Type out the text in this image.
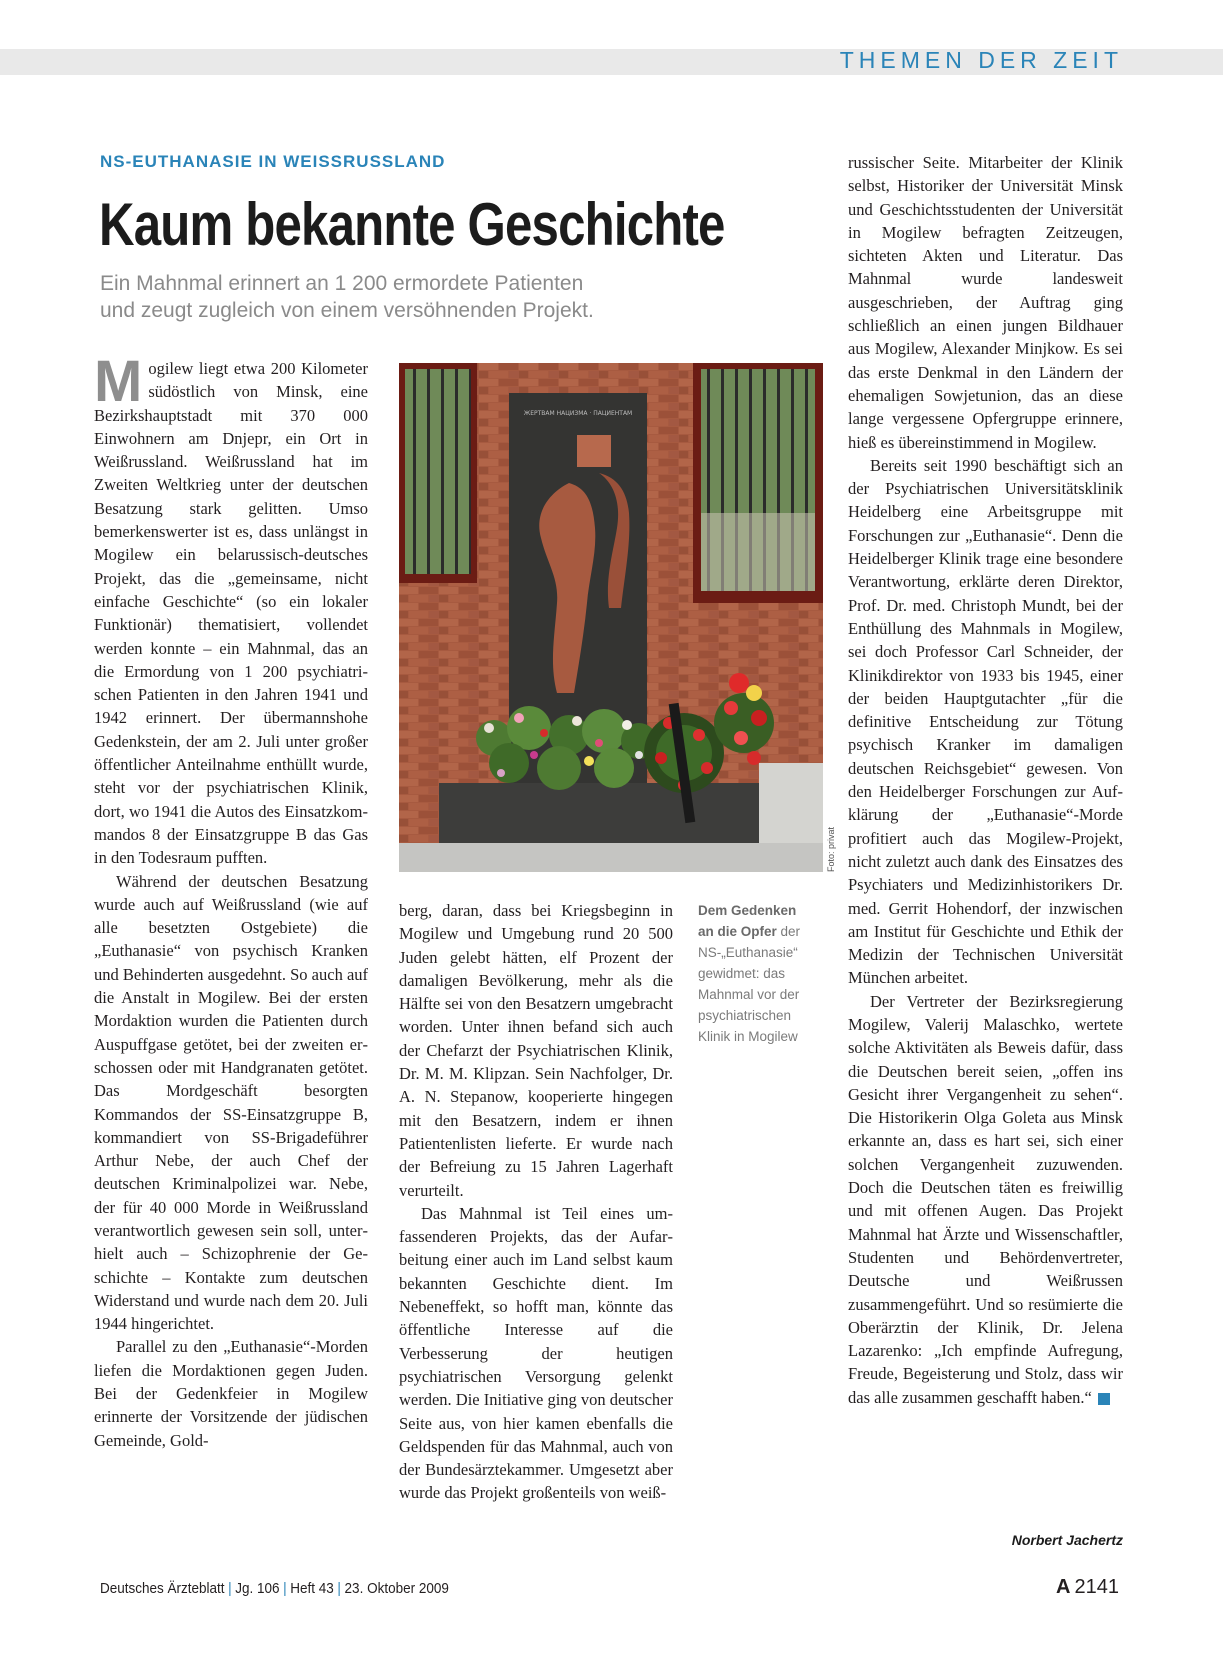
THEMEN DER ZEIT
NS-EUTHANASIE IN WEISSRUSSLAND
Kaum bekannte Geschichte
Ein Mahnmal erinnert an 1 200 ermordete Patienten
und zeugt zugleich von einem versöhnenden Projekt.

Mogilew liegt etwa 200 Kilometer südöstlich von Minsk, eine Bezirkshauptstadt mit 370 000 Einwohnern am Dnjepr, ein Ort in Weißrussland. Weißrussland hat im Zweiten Weltkrieg unter der deutschen Besatzung stark gelitten. Umso bemerkenswerter ist es, dass unlängst in Mogilew ein belarussisch-deutsches Projekt, das die „gemeinsame, nicht einfache Geschichte“ (so ein lokaler Funktionär) thematisiert, vollendet werden konnte – ein Mahnmal, das an die Ermordung von 1 200 psychiatrischen Patienten in den Jahren 1941 und 1942 erinnert. Der übermannshohe Gedenkstein, der am 2. Juli unter großer öffentlicher Anteilnahme enthüllt wurde, steht vor der psychiatrischen Klinik, dort, wo 1941 die Autos des Einsatzkommandos 8 der Einsatzgruppe B das Gas in den Todesraum pufften.

Während der deutschen Besatzung wurde auch auf Weißrussland (wie auf alle besetzten Ostgebiete) die „Euthanasie“ von psychisch Kranken und Behinderten ausgedehnt. So auch auf die Anstalt in Mogilew. Bei der ersten Mordaktion wurden die Patienten durch Auspuffgase getötet, bei der zweiten erschossen oder mit Handgranaten getötet. Das Mordgeschäft besorgten Kommandos der SS-Einsatzgruppe B, kommandiert von SS-Brigadeführer Arthur Nebe, der auch Chef der deutschen Kriminalpolizei war. Nebe, der für 40 000 Morde in Weißrussland verantwortlich gewesen sein soll, unterhielt auch – Schizophrenie der Geschichte – Kontakte zum deutschen Widerstand und wurde nach dem 20. Juli 1944 hingerichtet.

Parallel zu den „Euthanasie“-Morden liefen die Mordaktionen gegen Juden. Bei der Gedenkfeier in Mogilew erinnerte der Vorsitzende der jüdischen Gemeinde, Gold-

ЖЕРТВАМ НАЦИЗМА · ПАЦИЕНТАМ
Foto: privat
Dem Gedenken an die Opfer der NS-„Euthanasie“ gewidmet: das Mahnmal vor der psychiatrischen Klinik in Mogilew

berg, daran, dass bei Kriegsbeginn in Mogilew und Umgebung rund 20 500 Juden gelebt hätten, elf Prozent der damaligen Bevölkerung, mehr als die Hälfte sei von den Besatzern umgebracht worden. Unter ihnen befand sich auch der Chefarzt der Psychiatrischen Klinik, Dr. M. M. Klipzan. Sein Nachfolger, Dr. A. N. Stepanow, kooperierte hingegen mit den Besatzern, indem er ihnen Patientenlisten lieferte. Er wurde nach der Befreiung zu 15 Jahren Lagerhaft verurteilt.

Das Mahnmal ist Teil eines umfassenderen Projekts, das der Aufarbeitung einer auch im Land selbst kaum bekannten Geschichte dient. Im Nebeneffekt, so hofft man, könnte das öffentliche Interesse auf die Verbesserung der heutigen psychiatrischen Versorgung gelenkt werden. Die Initiative ging von deutscher Seite aus, von hier kamen ebenfalls die Geldspenden für das Mahnmal, auch von der Bundesärztekammer. Umgesetzt aber wurde das Projekt großenteils von weiß-

russischer Seite. Mitarbeiter der Klinik selbst, Historiker der Universität Minsk und Geschichtsstudenten der Universität in Mogilew befragten Zeitzeugen, sichteten Akten und Literatur. Das Mahnmal wurde landesweit ausgeschrieben, der Auftrag ging schließlich an einen jungen Bildhauer aus Mogilew, Alexander Minjkow. Es sei das erste Denkmal in den Ländern der ehemaligen Sowjetunion, das an diese lange vergessene Opfergruppe erinnere, hieß es übereinstimmend in Mogilew.

Bereits seit 1990 beschäftigt sich an der Psychiatrischen Universitätsklinik Heidelberg eine Arbeitsgruppe mit Forschungen zur „Euthanasie“. Denn die Heidelberger Klinik trage eine besondere Verantwortung, erklärte deren Direktor, Prof. Dr. med. Christoph Mundt, bei der Enthüllung des Mahnmals in Mogilew, sei doch Professor Carl Schneider, der Klinikdirektor von 1933 bis 1945, einer der beiden Hauptgutachter „für die definitive Entscheidung zur Tötung psychisch Kranker im damaligen deutschen Reichsgebiet“ gewesen. Von den Heidelberger Forschungen zur Aufklärung der „Euthanasie“-Morde profitiert auch das Mogilew-Projekt, nicht zuletzt auch dank des Einsatzes des Psychiaters und Medizinhistorikers Dr. med. Gerrit Hohendorf, der inzwischen am Institut für Geschichte und Ethik der Medizin der Technischen Universität München arbeitet.

Der Vertreter der Bezirksregierung Mogilew, Valerij Malaschko, wertete solche Aktivitäten als Beweis dafür, dass die Deutschen bereit seien, „offen ins Gesicht ihrer Vergangenheit zu sehen“. Die Historikerin Olga Goleta aus Minsk erkannte an, dass es hart sei, sich einer solchen Vergangenheit zuzuwenden. Doch die Deutschen täten es freiwillig und mit offenen Augen. Das Projekt Mahnmal hat Ärzte und Wissenschaftler, Studenten und Behördenvertreter, Deutsche und Weißrussen zusammengeführt. Und so resümierte die Oberärztin der Klinik, Dr. Jelena Lazarenko: „Ich empfinde Aufregung, Freude, Begeisterung und Stolz, dass wir das alle zusammen geschafft haben.“

Norbert Jachertz
Deutsches Ärzteblatt | Jg. 106 | Heft 43 | 23. Oktober 2009	A 2141
